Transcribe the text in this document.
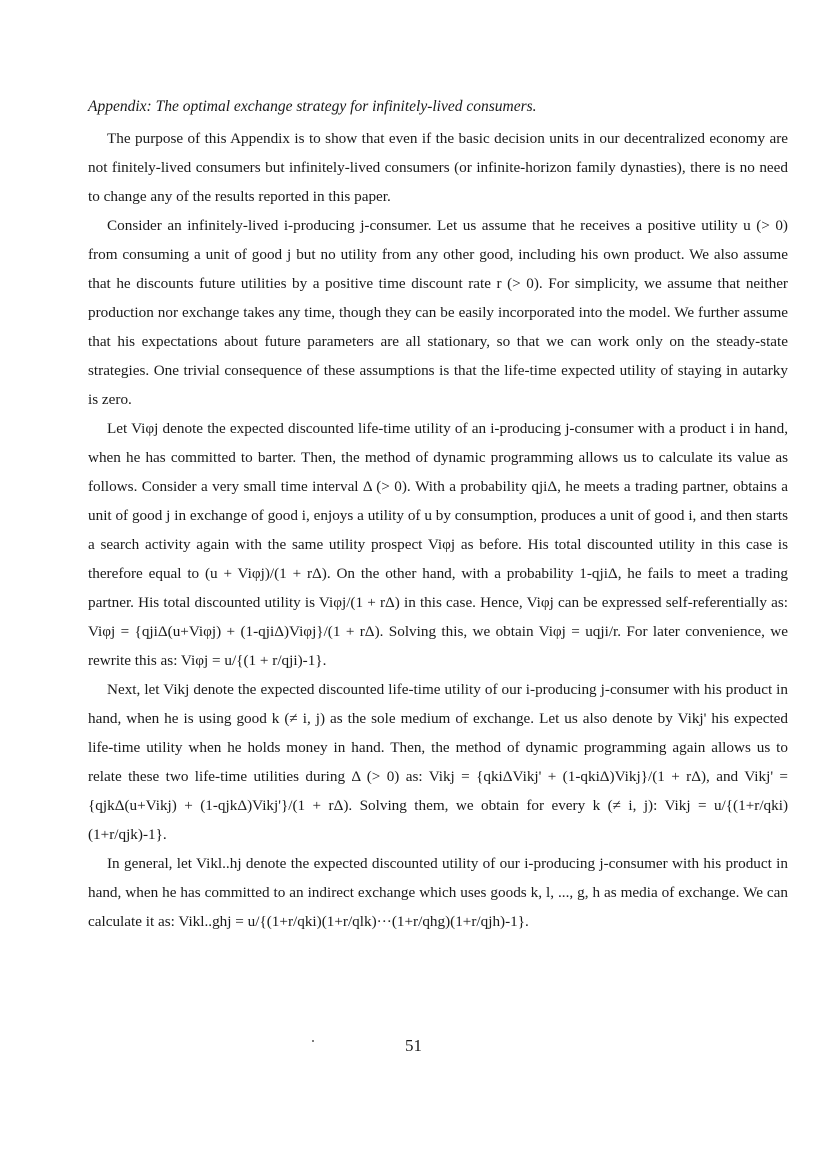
Appendix: The optimal exchange strategy for infinitely-lived consumers.

The purpose of this Appendix is to show that even if the basic decision units in our decentralized economy are not finitely-lived consumers but infinitely-lived consumers (or infinite-horizon family dynasties), there is no need to change any of the results reported in this paper.

Consider an infinitely-lived i-producing j-consumer. Let us assume that he receives a positive utility u (> 0) from consuming a unit of good j but no utility from any other good, including his own product. We also assume that he discounts future utilities by a positive time discount rate r (> 0). For simplicity, we assume that neither production nor exchange takes any time, though they can be easily incorporated into the model. We further assume that his expectations about future parameters are all stationary, so that we can work only on the steady-state strategies. One trivial consequence of these assumptions is that the life-time expected utility of staying in autarky is zero.

Let Viφj denote the expected discounted life-time utility of an i-producing j-consumer with a product i in hand, when he has committed to barter. Then, the method of dynamic programming allows us to calculate its value as follows. Consider a very small time interval Δ (> 0). With a probability qjiΔ, he meets a trading partner, obtains a unit of good j in exchange of good i, enjoys a utility of u by consumption, produces a unit of good i, and then starts a search activity again with the same utility prospect Viφj as before. His total discounted utility in this case is therefore equal to (u + Viφj)/(1 + rΔ). On the other hand, with a probability 1-qjiΔ, he fails to meet a trading partner. His total discounted utility is Viφj/(1 + rΔ) in this case. Hence, Viφj can be expressed self-referentially as: Viφj = {qjiΔ(u+Viφj) + (1-qjiΔ)Viφj}/(1 + rΔ). Solving this, we obtain Viφj = uqji/r. For later convenience, we rewrite this as: Viφj = u/{(1 + r/qji)-1}.

Next, let Vikj denote the expected discounted life-time utility of our i-producing j-consumer with his product in hand, when he is using good k (≠ i, j) as the sole medium of exchange. Let us also denote by Vikj' his expected life-time utility when he holds money in hand. Then, the method of dynamic programming again allows us to relate these two life-time utilities during Δ (> 0) as: Vikj = {qkiΔVikj' + (1-qkiΔ)Vikj}/(1 + rΔ), and Vikj' = {qjkΔ(u+Vikj) + (1-qjkΔ)Vikj'}/(1 + rΔ). Solving them, we obtain for every k (≠ i, j): Vikj = u/{(1+r/qki)(1+r/qjk)-1}.

In general, let Vikl..hj denote the expected discounted utility of our i-producing j-consumer with his product in hand, when he has committed to an indirect exchange which uses goods k, l, ..., g, h as media of exchange. We can calculate it as: Vikl..ghj = u/{(1+r/qki)(1+r/qlk)···(1+r/qhg)(1+r/qjh)-1}.

51
